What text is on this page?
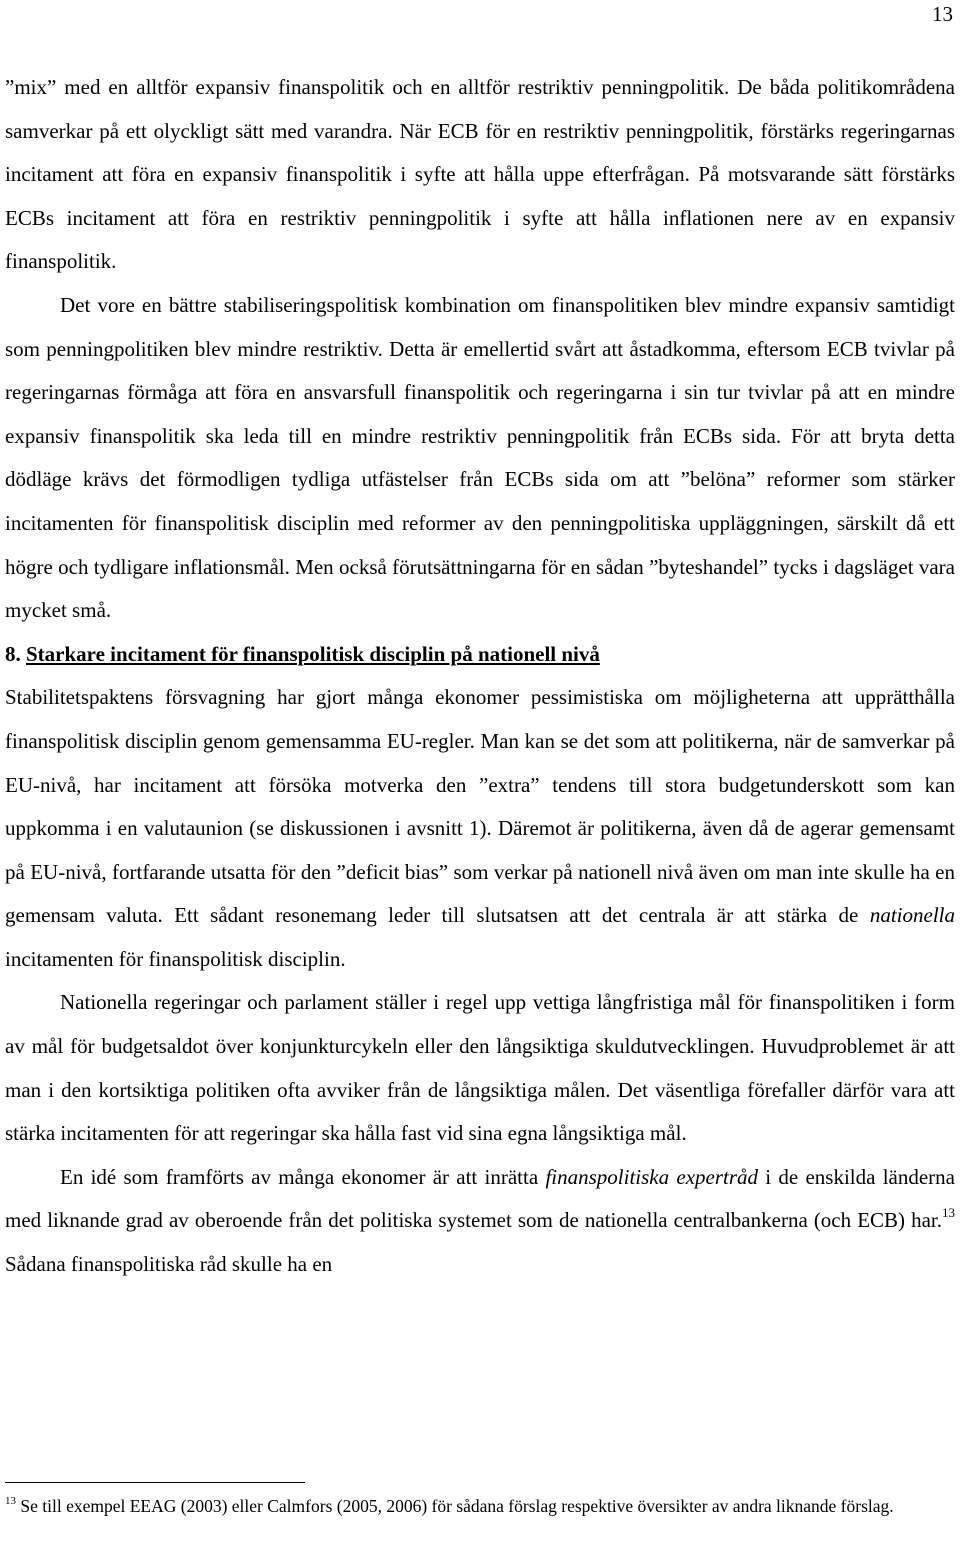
13

”mix” med en alltför expansiv finanspolitik och en alltför restriktiv penningpolitik. De båda politikområdena samverkar på ett olyckligt sätt med varandra. När ECB för en restriktiv penningpolitik, förstärks regeringarnas incitament att föra en expansiv finanspolitik i syfte att hålla uppe efterfrågan. På motsvarande sätt förstärks ECBs incitament att föra en restriktiv penningpolitik i syfte att hålla inflationen nere av en expansiv finanspolitik.

Det vore en bättre stabiliseringspolitisk kombination om finanspolitiken blev mindre expansiv samtidigt som penningpolitiken blev mindre restriktiv. Detta är emellertid svårt att åstadkomma, eftersom ECB tvivlar på regeringarnas förmåga att föra en ansvarsfull finanspolitik och regeringarna i sin tur tvivlar på att en mindre expansiv finanspolitik ska leda till en mindre restriktiv penningpolitik från ECBs sida. För att bryta detta dödläge krävs det förmodligen tydliga utfästelser från ECBs sida om att ”belöna” reformer som stärker incitamenten för finanspolitisk disciplin med reformer av den penningpolitiska uppläggningen, särskilt då ett högre och tydligare inflationsmål. Men också förutsättningarna för en sådan ”byteshandel” tycks i dagsläget vara mycket små.

8. Starkare incitament för finanspolitisk disciplin på nationell nivå

Stabilitetspaktens försvagning har gjort många ekonomer pessimistiska om möjligheterna att upprätthålla finanspolitisk disciplin genom gemensamma EU-regler. Man kan se det som att politikerna, när de samverkar på EU-nivå, har incitament att försöka motverka den ”extra” tendens till stora budgetunderskott som kan uppkomma i en valutaunion (se diskussionen i avsnitt 1). Däremot är politikerna, även då de agerar gemensamt på EU-nivå, fortfarande utsatta för den ”deficit bias” som verkar på nationell nivå även om man inte skulle ha en gemensam valuta. Ett sådant resonemang leder till slutsatsen att det centrala är att stärka de nationella incitamenten för finanspolitisk disciplin.

Nationella regeringar och parlament ställer i regel upp vettiga långfristiga mål för finanspolitiken i form av mål för budgetsaldot över konjunkturcykeln eller den långsiktiga skuldutvecklingen. Huvudproblemet är att man i den kortsiktiga politiken ofta avviker från de långsiktiga målen. Det väsentliga förefaller därför vara att stärka incitamenten för att regeringar ska hålla fast vid sina egna långsiktiga mål.

En idé som framförts av många ekonomer är att inrätta finanspolitiska expertråd i de enskilda länderna med liknande grad av oberoende från det politiska systemet som de nationella centralbankerna (och ECB) har.$^{13}$ Sådana finanspolitiska råd skulle ha en

$^{13}$ Se till exempel EEAG (2003) eller Calmfors (2005, 2006) för sådana förslag respektive översikter av andra liknande förslag.
